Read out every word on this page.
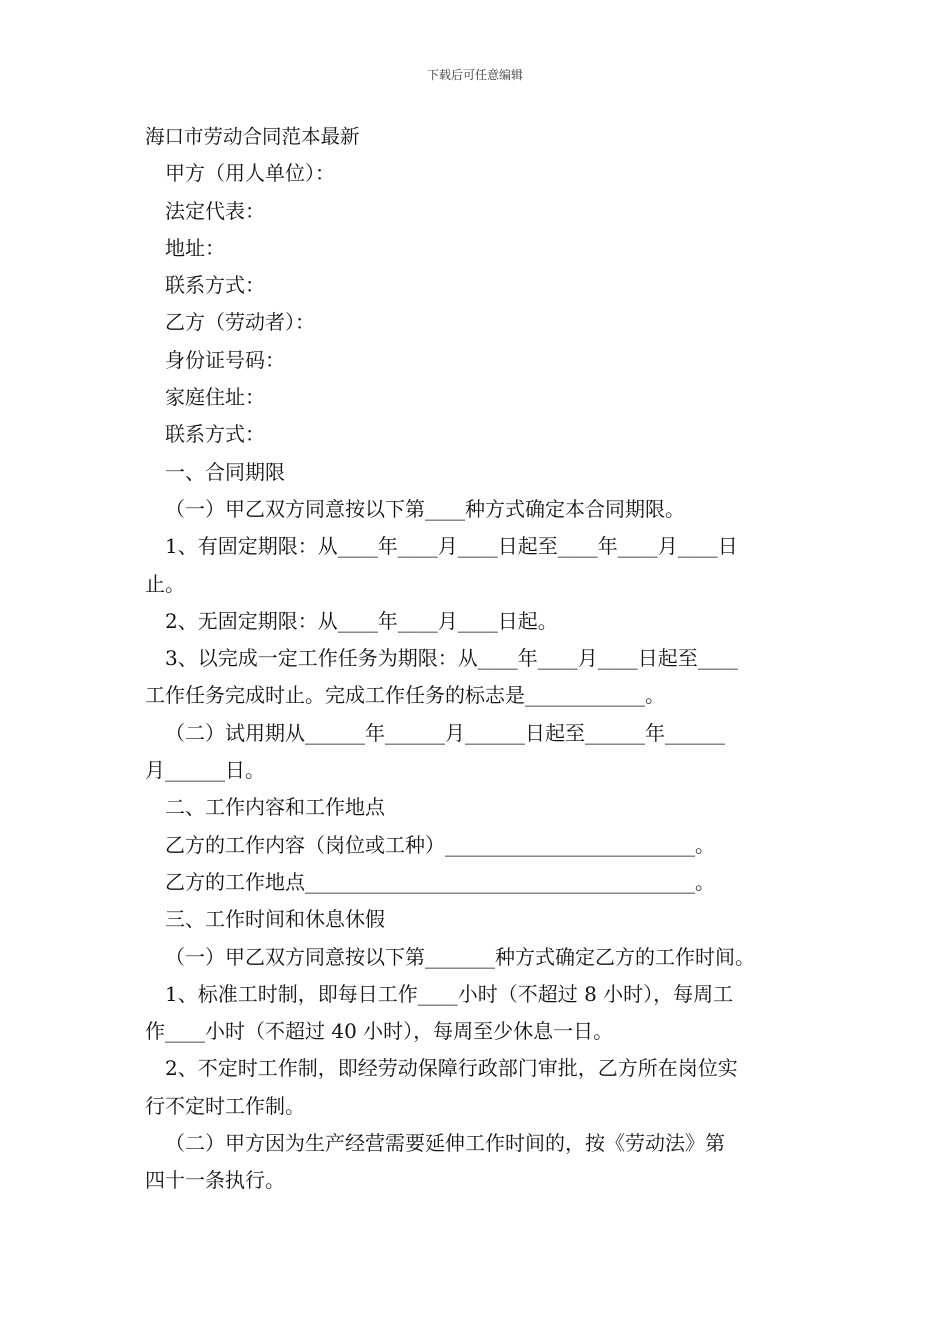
下载后可任意编辑
海口市劳动合同范本最新
甲方（用人单位）：
法定代表：
地址：
联系方式：
乙方（劳动者）：
身份证号码：
家庭住址：
联系方式：
一、合同期限
（一）甲乙双方同意按以下第____种方式确定本合同期限。
1、有固定期限：从____年____月____日起至____年____月____日
止。
2、无固定期限：从____年____月____日起。
3、以完成一定工作任务为期限：从____年____月____日起至____
工作任务完成时止。完成工作任务的标志是____________。
（二）试用期从______年______月______日起至______年______
月______日。
二、工作内容和工作地点
乙方的工作内容（岗位或工种）_________________________。
乙方的工作地点_______________________________________。
三、工作时间和休息休假
（一）甲乙双方同意按以下第_______种方式确定乙方的工作时间。
1、标准工时制，即每日工作____小时（不超过 8 小时），每周工
作____小时（不超过 40 小时），每周至少休息一日。
2、不定时工作制，即经劳动保障行政部门审批，乙方所在岗位实
行不定时工作制。
（二）甲方因为生产经营需要延伸工作时间的，按《劳动法》第
四十一条执行。
